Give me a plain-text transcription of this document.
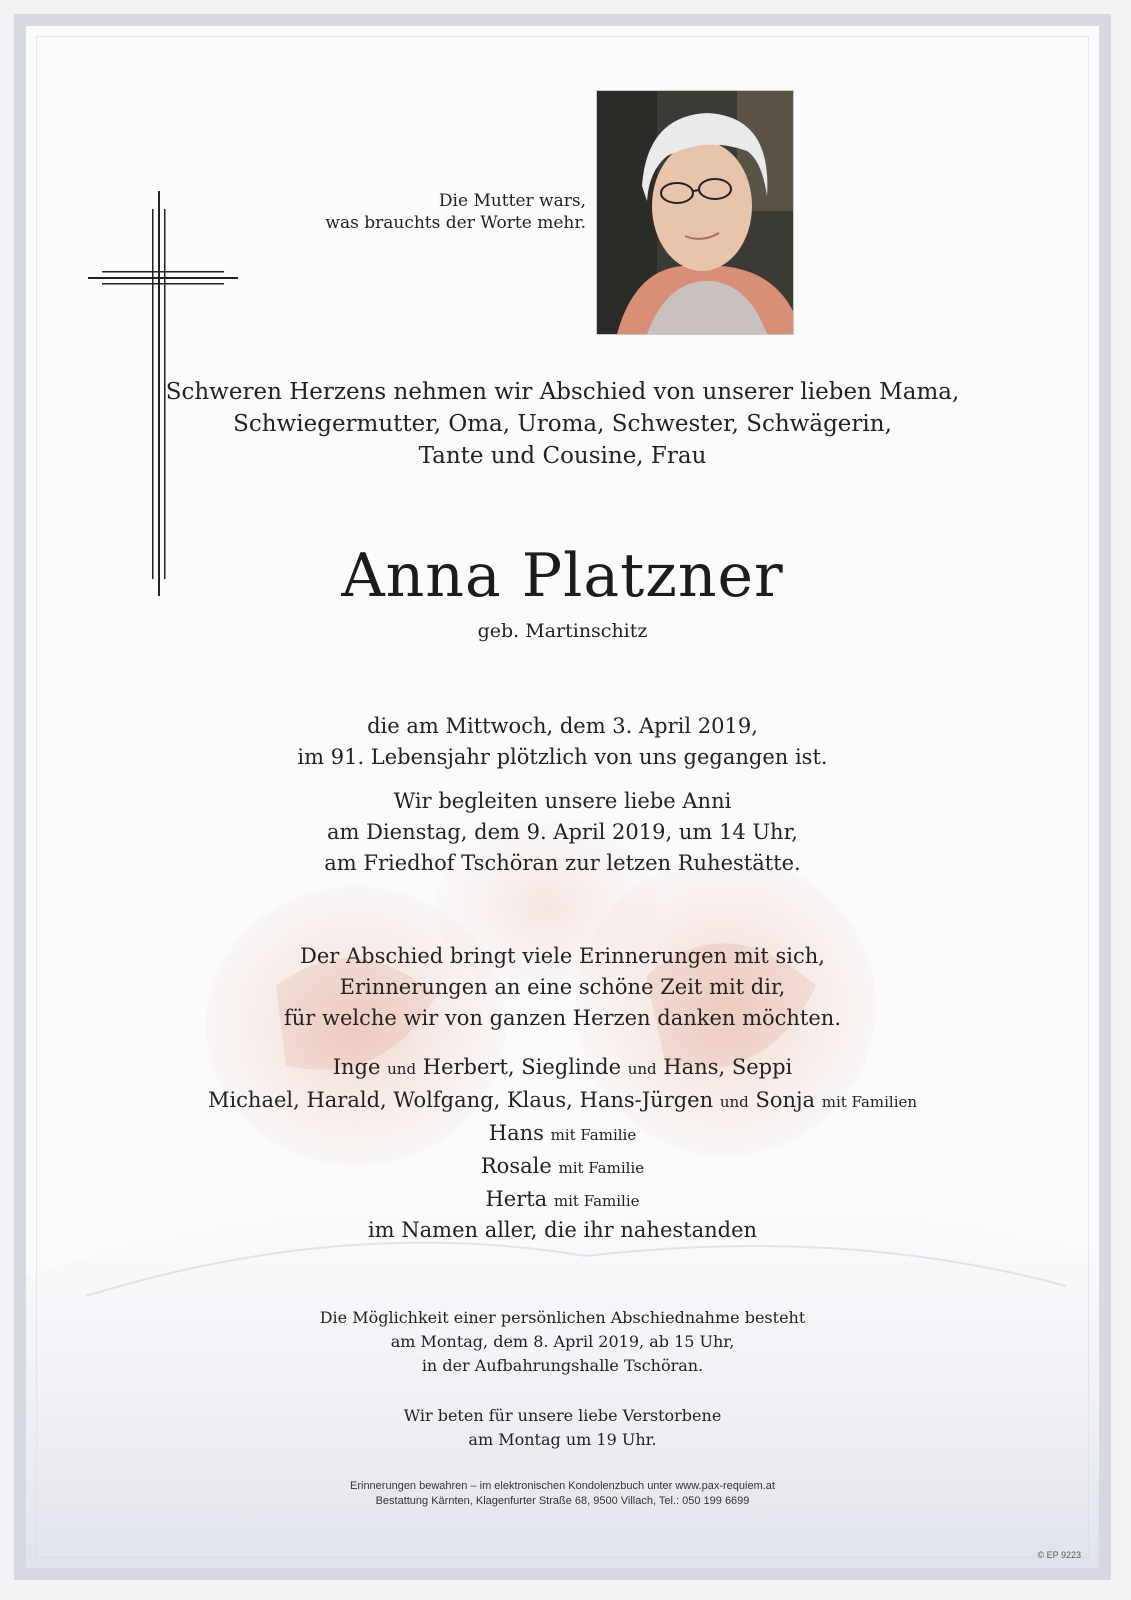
Die Mutter wars,
was brauchts der Worte mehr.
Schweren Herzens nehmen wir Abschied von unserer lieben Mama,
Schwiegermutter, Oma, Uroma, Schwester, Schwägerin,
Tante und Cousine, Frau
Anna Platzner
geb. Martinschitz
die am Mittwoch, dem 3. April 2019,
im 91. Lebensjahr plötzlich von uns gegangen ist.
Wir begleiten unsere liebe Anni
am Dienstag, dem 9. April 2019, um 14 Uhr,
am Friedhof Tschöran zur letzen Ruhestätte.
Der Abschied bringt viele Erinnerungen mit sich,
Erinnerungen an eine schöne Zeit mit dir,
für welche wir von ganzen Herzen danken möchten.
Inge und Herbert, Sieglinde und Hans, Seppi
Michael, Harald, Wolfgang, Klaus, Hans-Jürgen und Sonja mit Familien
Hans mit Familie
Rosale mit Familie
Herta mit Familie
im Namen aller, die ihr nahestanden
Die Möglichkeit einer persönlichen Abschiednahme besteht
am Montag, dem 8. April 2019, ab 15 Uhr,
in der Aufbahrungshalle Tschöran.
Wir beten für unsere liebe Verstorbene
am Montag um 19 Uhr.
Erinnerungen bewahren – im elektronischen Kondolenzbuch unter www.pax-requiem.at
Bestattung Kärnten, Klagenfurter Straße 68, 9500 Villach, Tel.: 050 199 6699
© EP 9223
